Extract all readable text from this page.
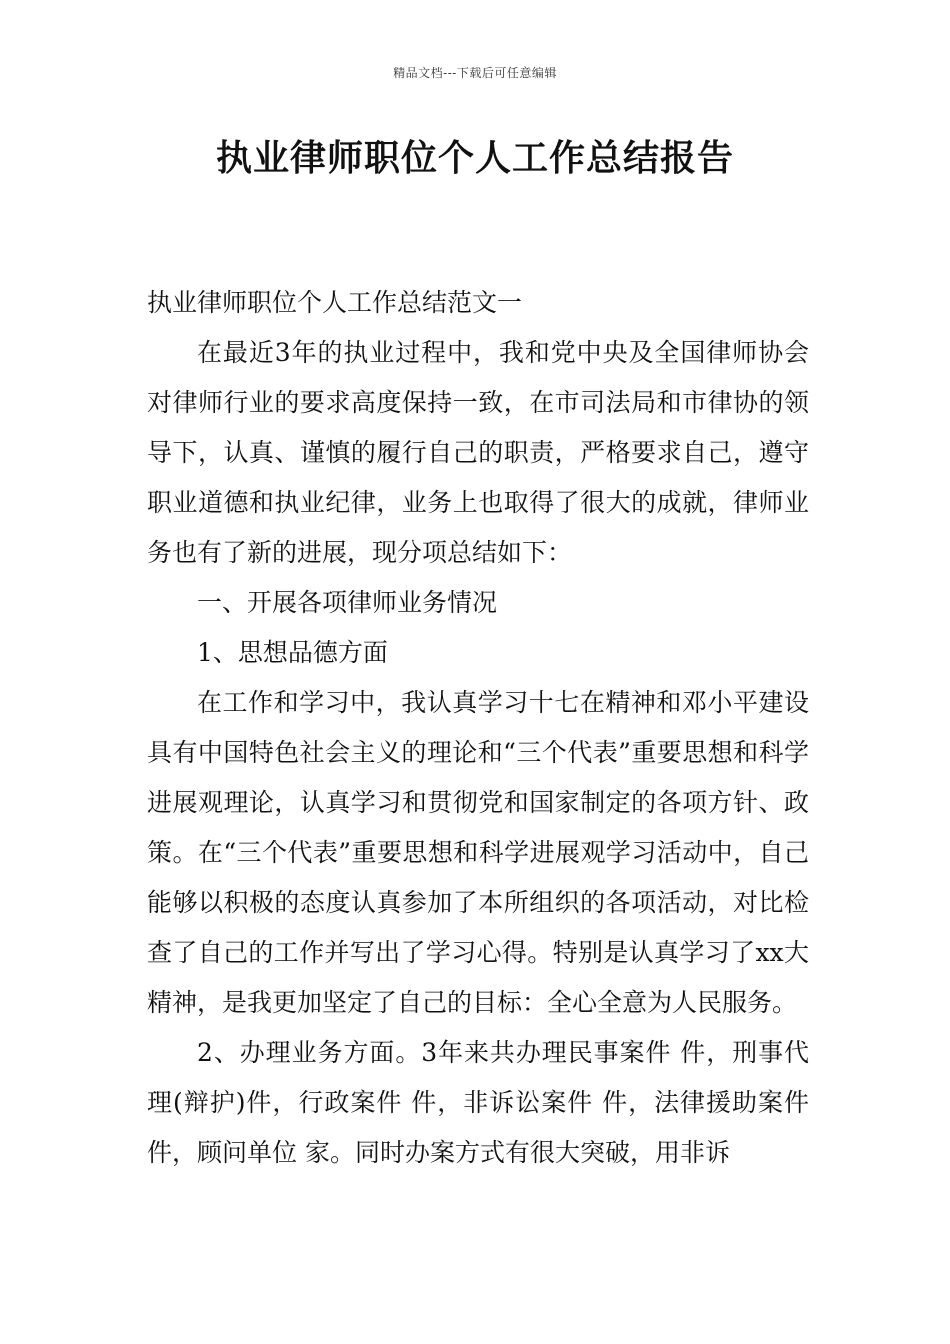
精品文档---下载后可任意编辑
执业律师职位个人工作总结报告

执业律师职位个人工作总结范文一

在最近3年的执业过程中，我和党中央及全国律师协会对律师行业的要求高度保持一致，在市司法局和市律协的领导下，认真、谨慎的履行自己的职责，严格要求自己，遵守职业道德和执业纪律，业务上也取得了很大的成就，律师业务也有了新的进展，现分项总结如下：

一、开展各项律师业务情况

1、思想品德方面

在工作和学习中，我认真学习十七在精神和邓小平建设具有中国特色社会主义的理论和“三个代表”重要思想和科学进展观理论，认真学习和贯彻党和国家制定的各项方针、政策。在“三个代表”重要思想和科学进展观学习活动中，自己能够以积极的态度认真参加了本所组织的各项活动，对比检查了自己的工作并写出了学习心得。特别是认真学习了xx大精神，是我更加坚定了自己的目标：全心全意为人民服务。

2、办理业务方面。3年来共办理民事案件 件，刑事代理(辩护)件，行政案件 件，非诉讼案件 件，法律援助案件 件，顾问单位 家。同时办案方式有很大突破，用非诉
